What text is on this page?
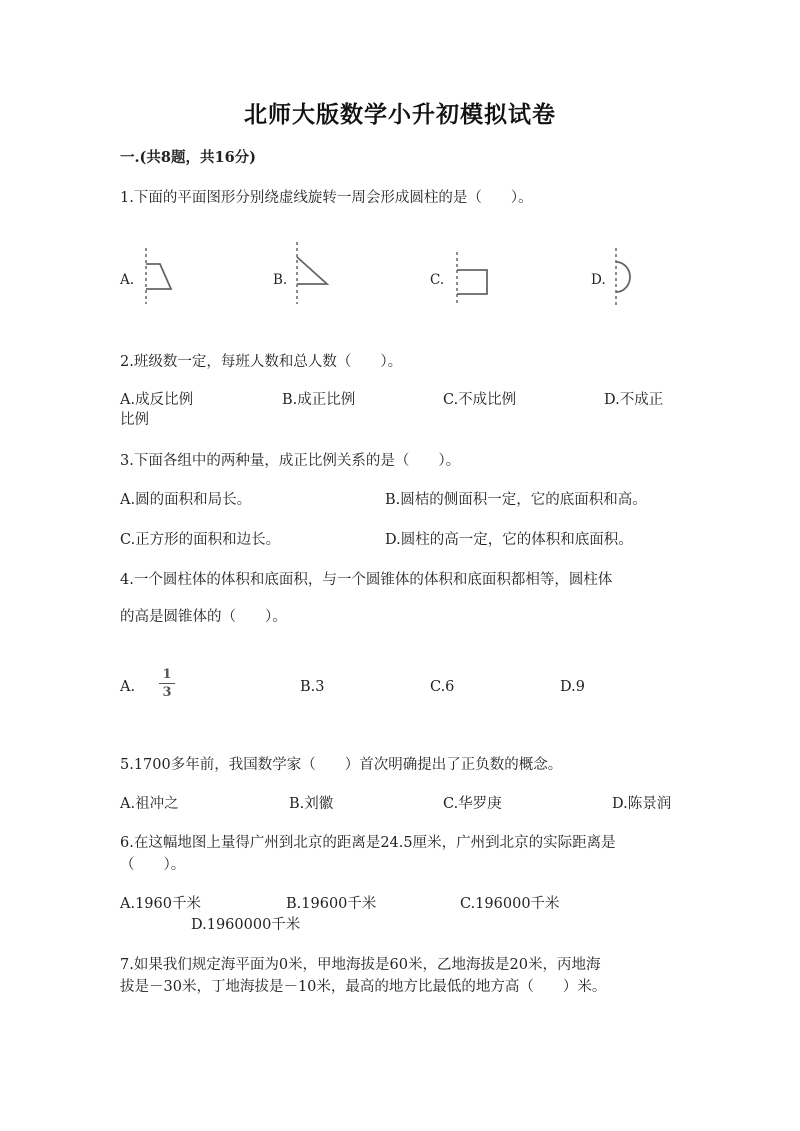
北师大版数学小升初模拟试卷
一.(共8题，共16分)
1.下面的平面图形分别绕虚线旋转一周会形成圆柱的是（　　）。
A.	B.	C.	D.
2.班级数一定，每班人数和总人数（　　）。
A.成反比例	B.成正比例	C.不成比例	D.不成正
比例
3.下面各组中的两种量，成正比例关系的是（　　）。
A.圆的面积和局长。	B.圆桔的侧面积一定，它的底面积和高。
C.正方形的面积和边长。	D.圆柱的高一定，它的体积和底面积。
4.一个圆柱体的体积和底面积，与一个圆锥体的体积和底面积都相等，圆柱体
的高是圆锥体的（　　）。
A.
1
3	B.3	C.6	D.9
5.1700多年前，我国数学家（　　）首次明确提出了正负数的概念。
A.祖冲之	B.刘徽	C.华罗庚	D.陈景润
6.在这幅地图上量得广州到北京的距离是24.5厘米，广州到北京的实际距离是
（　　）。
A.1960千米	B.19600千米	C.196000千米
D.1960000千米
7.如果我们规定海平面为0米，甲地海拔是60米，乙地海拔是20米，丙地海
拔是－30米，丁地海拔是－10米，最高的地方比最低的地方高（　　）米。
